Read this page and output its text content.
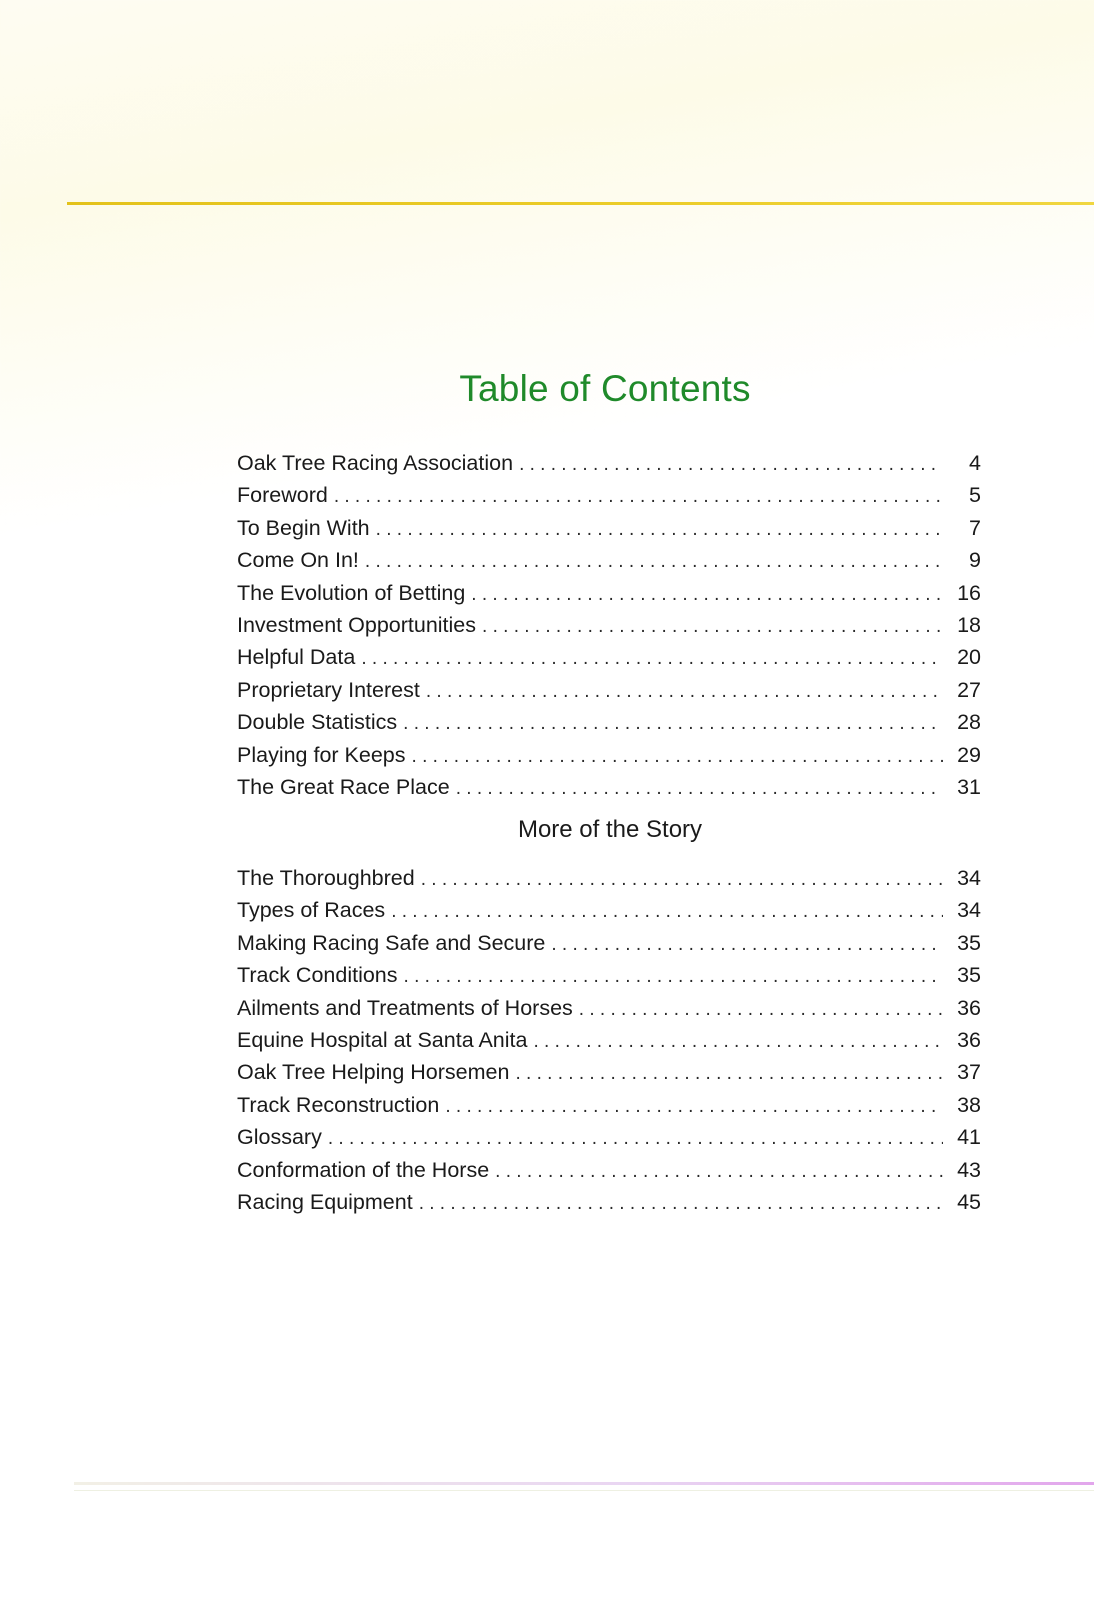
Table of Contents
Oak Tree Racing Association . . .	4
Foreword . . .	5
To Begin With . . .	7
Come On In! . . .	9
The Evolution of Betting . . .	16
Investment Opportunities . . .	18
Helpful Data . . .	20
Proprietary Interest . . .	27
Double Statistics . . .	28
Playing for Keeps . . .	29
The Great Race Place . . .	31
More of the Story
The Thoroughbred . . .	34
Types of Races . . .	34
Making Racing Safe and Secure . . .	35
Track Conditions . . .	35
Ailments and Treatments of Horses . . .	36
Equine Hospital at Santa Anita . . .	36
Oak Tree Helping Horsemen . . .	37
Track Reconstruction . . .	38
Glossary . . .	41
Conformation of the Horse . . .	43
Racing Equipment . . .	45
